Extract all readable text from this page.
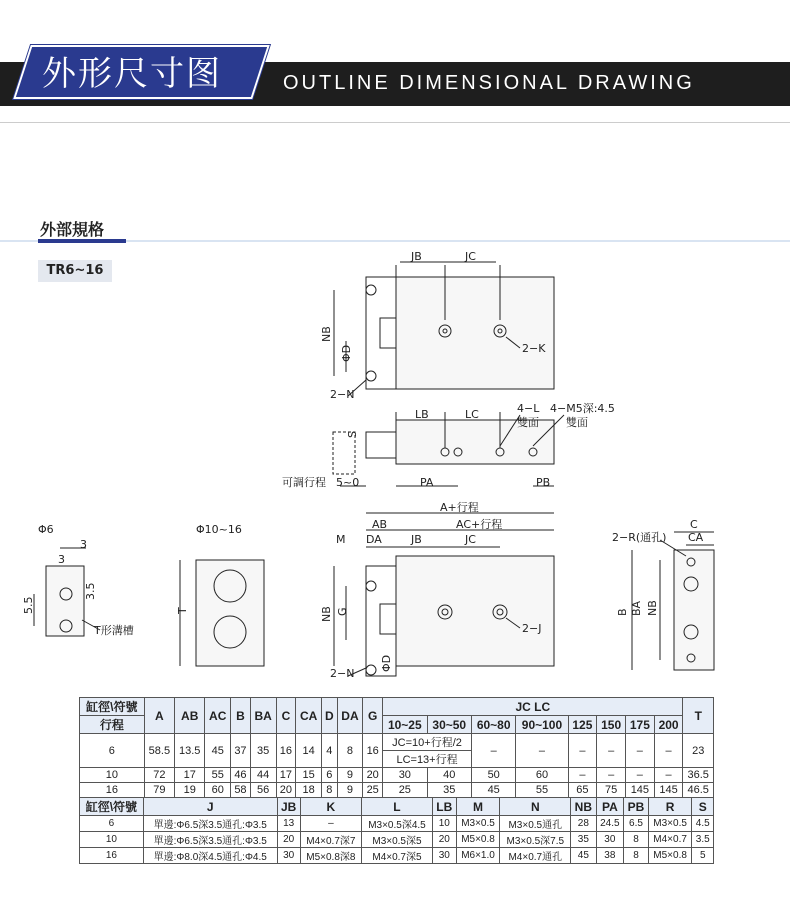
外形尺寸图	OUTLINE DIMENSIONAL DRAWING
外部規格
TR6~16
JB	JC
NB
ΦD	2−K
2−N
LB	LC	4−L
雙面
4−M5深:4.5
雙面
S
可調行程 5~0	PA	PB
A+行程
AB	AC+行程
M DA	JB	JC
NB G
2−J
2−N
ΦD
Φ6
3
3
3.5
5.5
T形溝槽
Φ10~16
T
2−R(通孔)
C
CA
B BA NB
缸徑\符號	A	AB	AC	B	BA	C	CA	D	DA	G	JC LC								T
行程											10~25	30~50	60~80	90~100	125	150	175	200	
6	58.5	13.5	45	37	35	16	14	4	8	16	JC=10+行程/2		–	–	–	–	–	–	23
											LC=13+行程								
10	72	17	55	46	44	17	15	6	9	20	30	40	50	60	–	–	–	–	36.5
16	79	19	60	58	56	20	18	8	9	25	25	35	45	55	65	75	145	145	46.5
缸徑\符號	J	JB	K	L	LB	M	N	NB	PA	PB	R	S
6	單邊:Φ6.5深3.5通孔:Φ3.5	13	–	M3×0.5深4.5	10	M3×0.5	M3×0.5通孔	28	24.5	6.5	M3×0.5	4.5
10	單邊:Φ6.5深3.5通孔:Φ3.5	20	M4×0.7深7	M3×0.5深5	20	M5×0.8	M3×0.5深7.5	35	30	8	M4×0.7	3.5
16	單邊:Φ8.0深4.5通孔:Φ4.5	30	M5×0.8深8	M4×0.7深5	30	M6×1.0	M4×0.7通孔	45	38	8	M5×0.8	5
